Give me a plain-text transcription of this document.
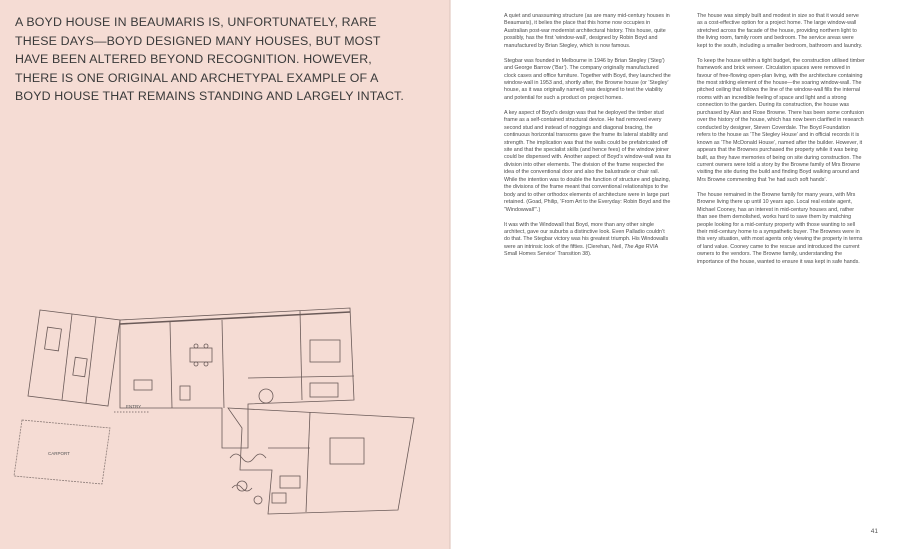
A BOYD HOUSE IN BEAUMARIS IS, UNFORTUNATELY, RARE THESE DAYS—BOYD DESIGNED MANY HOUSES, BUT MOST HAVE BEEN ALTERED BEYOND RECOGNITION. HOWEVER, THERE IS ONE ORIGINAL AND ARCHETYPAL EXAMPLE OF A BOYD HOUSE THAT REMAINS STANDING AND LARGELY INTACT.

ENTRY
CARPORT

A quiet and unassuming structure (as are many mid-century houses in Beaumaris), it belies the place that this home now occupies in Australian post-war modernist architectural history. This house, quite possibly, has the first ‘window-wall’, designed by Robin Boyd and manufactured by Brian Stegley, which is now famous.

Stegbar was founded in Melbourne in 1946 by Brian Stegley (‘Steg’) and George Barrow (‘Bar’). The company originally manufactured clock cases and office furniture. Together with Boyd, they launched the window-wall in 1953 and, shortly after, the Browne house (or ‘Stegley’ house, as it was originally named) was designed to test the viability and potential for such a product on project homes.

A key aspect of Boyd’s design was that he deployed the timber stud frame as a self-contained structural device. He had removed every second stud and instead of noggings and diagonal bracing, the continuous horizontal transoms gave the frame its lateral stability and strength. The implication was that the walls could be prefabricated off site and that the specialist skills (and hence fees) of the window joiner could be dispensed with. Another aspect of Boyd’s window-wall was its division into other elements. The division of the frame respected the idea of the conventional door and also the balustrade or chair rail. While the intention was to double the function of structure and glazing, the divisions of the frame meant that conventional relationships to the body and to other orthodox elements of architecture were in large part retained. (Goad, Philip, ‘From Art to the Everyday: Robin Boyd and the “Windowwall”’.)

It was with the Windowall that Boyd, more than any other single architect, gave our suburbs a distinctive look. Even Palladio couldn’t do that. The Stegbar victory was his greatest triumph. His Windowalls were an intrinsic look of the fifties. (Clerehan, Neil, The Age RVIA Small Homes Service’ Transition 38).

The house was simply built and modest in size so that it would serve as a cost-effective option for a project home. The large window-wall stretched across the facade of the house, providing northern light to the living room, family room and bedroom. The service areas were kept to the south, including a smaller bedroom, bathroom and laundry.

To keep the house within a tight budget, the construction utilised timber framework and brick veneer. Circulation spaces were removed in favour of free-flowing open-plan living, with the architecture containing the most striking element of the house—the soaring window-wall. The pitched ceiling that follows the line of the window-wall fills the internal rooms with an incredible feeling of space and light and a strong connection to the garden. During its construction, the house was purchased by Alan and Rose Browne. There has been some confusion over the history of the house, which has now been clarified in research conducted by designer, Steven Coverdale. The Boyd Foundation refers to the house as ‘The Stegley House’ and in official records it is known as ‘The McDonald House’, named after the builder. However, it appears that the Brownes purchased the property while it was being built, as they have memories of being on site during construction. The current owners were told a story by the Browne family of Mrs Browne visiting the site during the build and finding Boyd walking around and Mrs Browne commenting that ‘he had such soft hands’.

The house remained in the Browne family for many years, with Mrs Browne living there up until 10 years ago. Local real estate agent, Michael Cooney, has an interest in mid-century houses and, rather than see them demolished, works hard to save them by matching people looking for a mid-century property with those wanting to sell their mid-century home to a sympathetic buyer. The Brownes were in this very situation, with most agents only viewing the property in terms of land value. Cooney came to the rescue and introduced the current owners to the vendors. The Browne family, understanding the importance of the house, wanted to ensure it was kept in safe hands.

41
